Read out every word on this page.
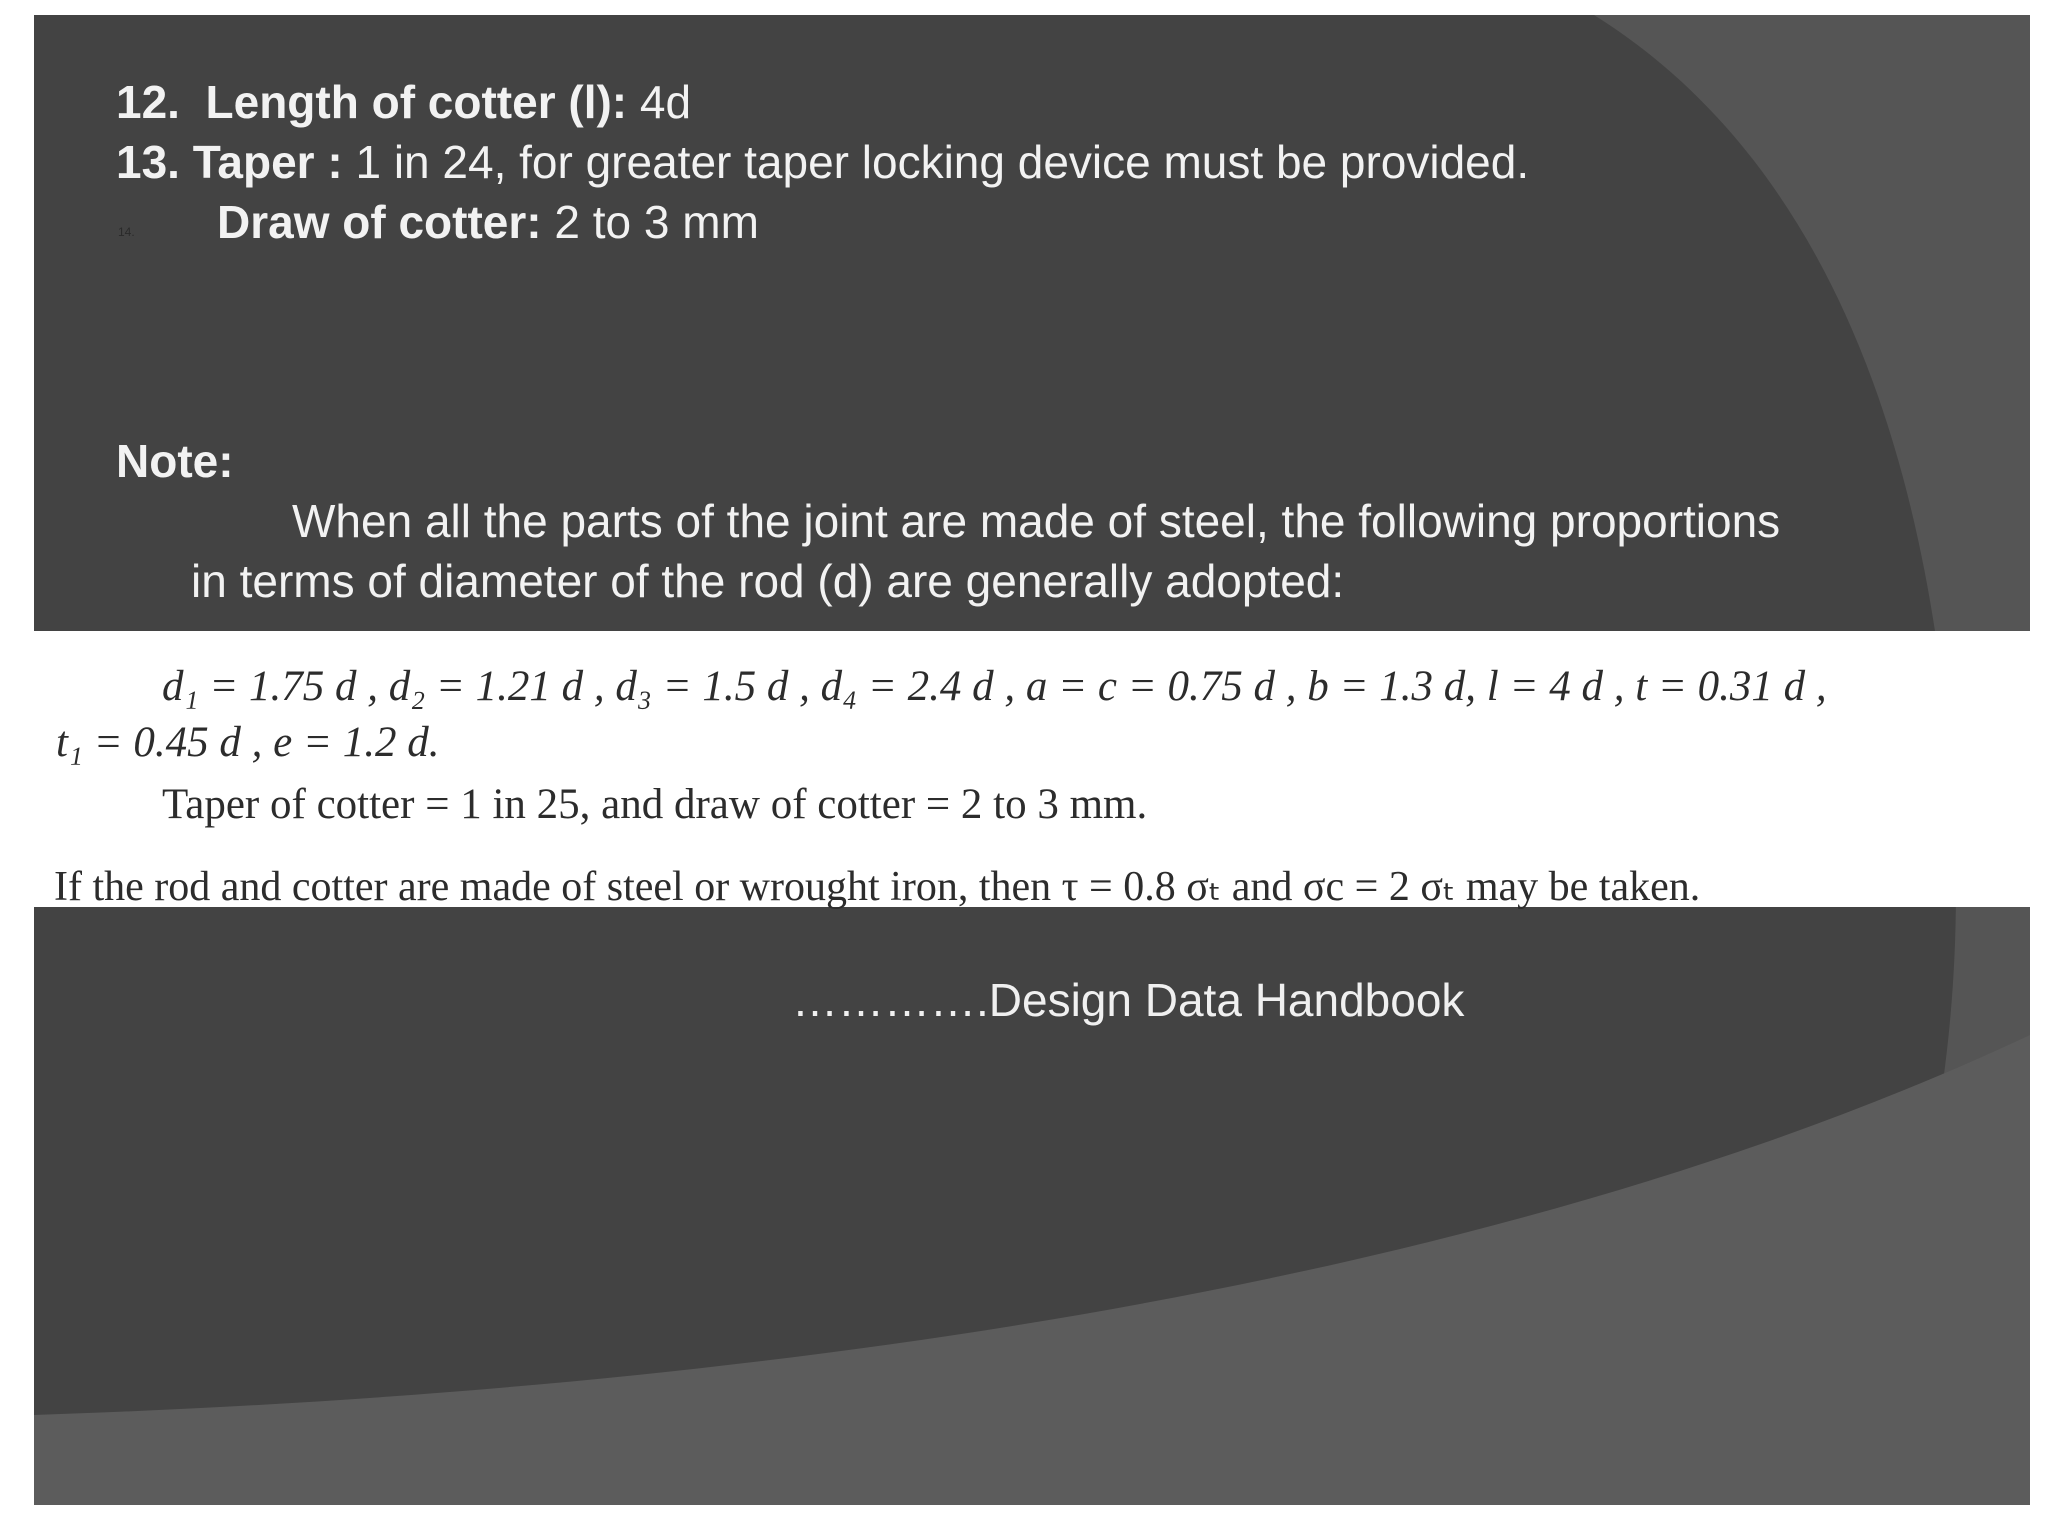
12. Length of cotter (l): 4d
13. Taper : 1 in 24, for greater taper locking device must be provided.
14. Draw of cotter: 2 to 3 mm
Note:
When all the parts of the joint are made of steel, the following proportions
in terms of diameter of the rod (d) are generally adopted:
d₁ = 1.75 d , d₂ = 1.21 d , d₃ = 1.5 d , d₄ = 2.4 d , a = c = 0.75 d , b = 1.3 d, l = 4 d , t = 0.31 d ,
t₁ = 0.45 d , e = 1.2 d.
Taper of cotter = 1 in 25, and draw of cotter = 2 to 3 mm.
If the rod and cotter are made of steel or wrought iron, then τ = 0.8 σₜ and σc = 2 σₜ may be taken.
………….Design Data Handbook
